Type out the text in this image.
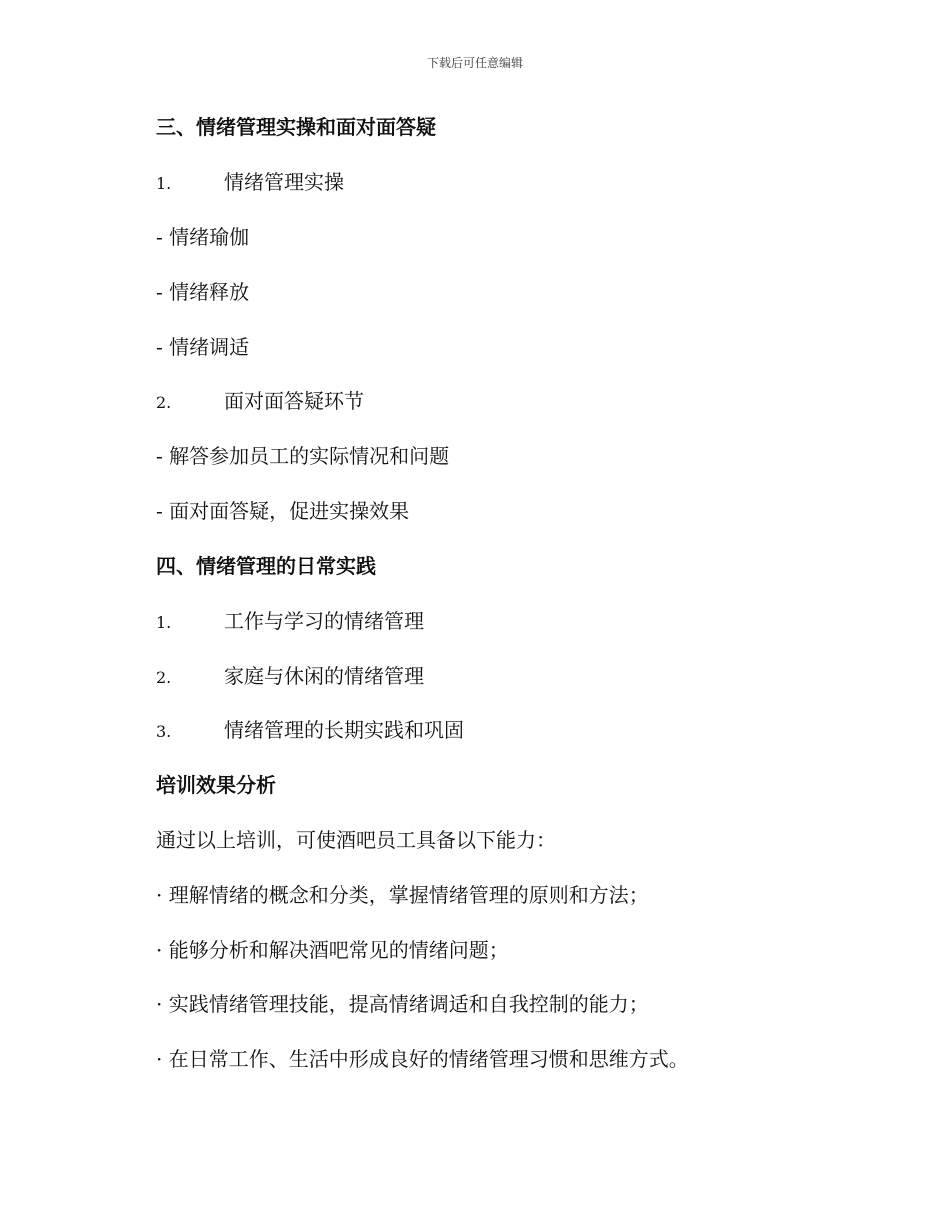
下载后可任意编辑
三、情绪管理实操和面对面答疑
1.	情绪管理实操
- 情绪瑜伽
- 情绪释放
- 情绪调适
2.	面对面答疑环节
- 解答参加员工的实际情况和问题
- 面对面答疑，促进实操效果
四、情绪管理的日常实践
1.	工作与学习的情绪管理
2.	家庭与休闲的情绪管理
3.	情绪管理的长期实践和巩固
培训效果分析
通过以上培训，可使酒吧员工具备以下能力：
· 理解情绪的概念和分类，掌握情绪管理的原则和方法；
· 能够分析和解决酒吧常见的情绪问题；
· 实践情绪管理技能，提高情绪调适和自我控制的能力；
· 在日常工作、生活中形成良好的情绪管理习惯和思维方式。
